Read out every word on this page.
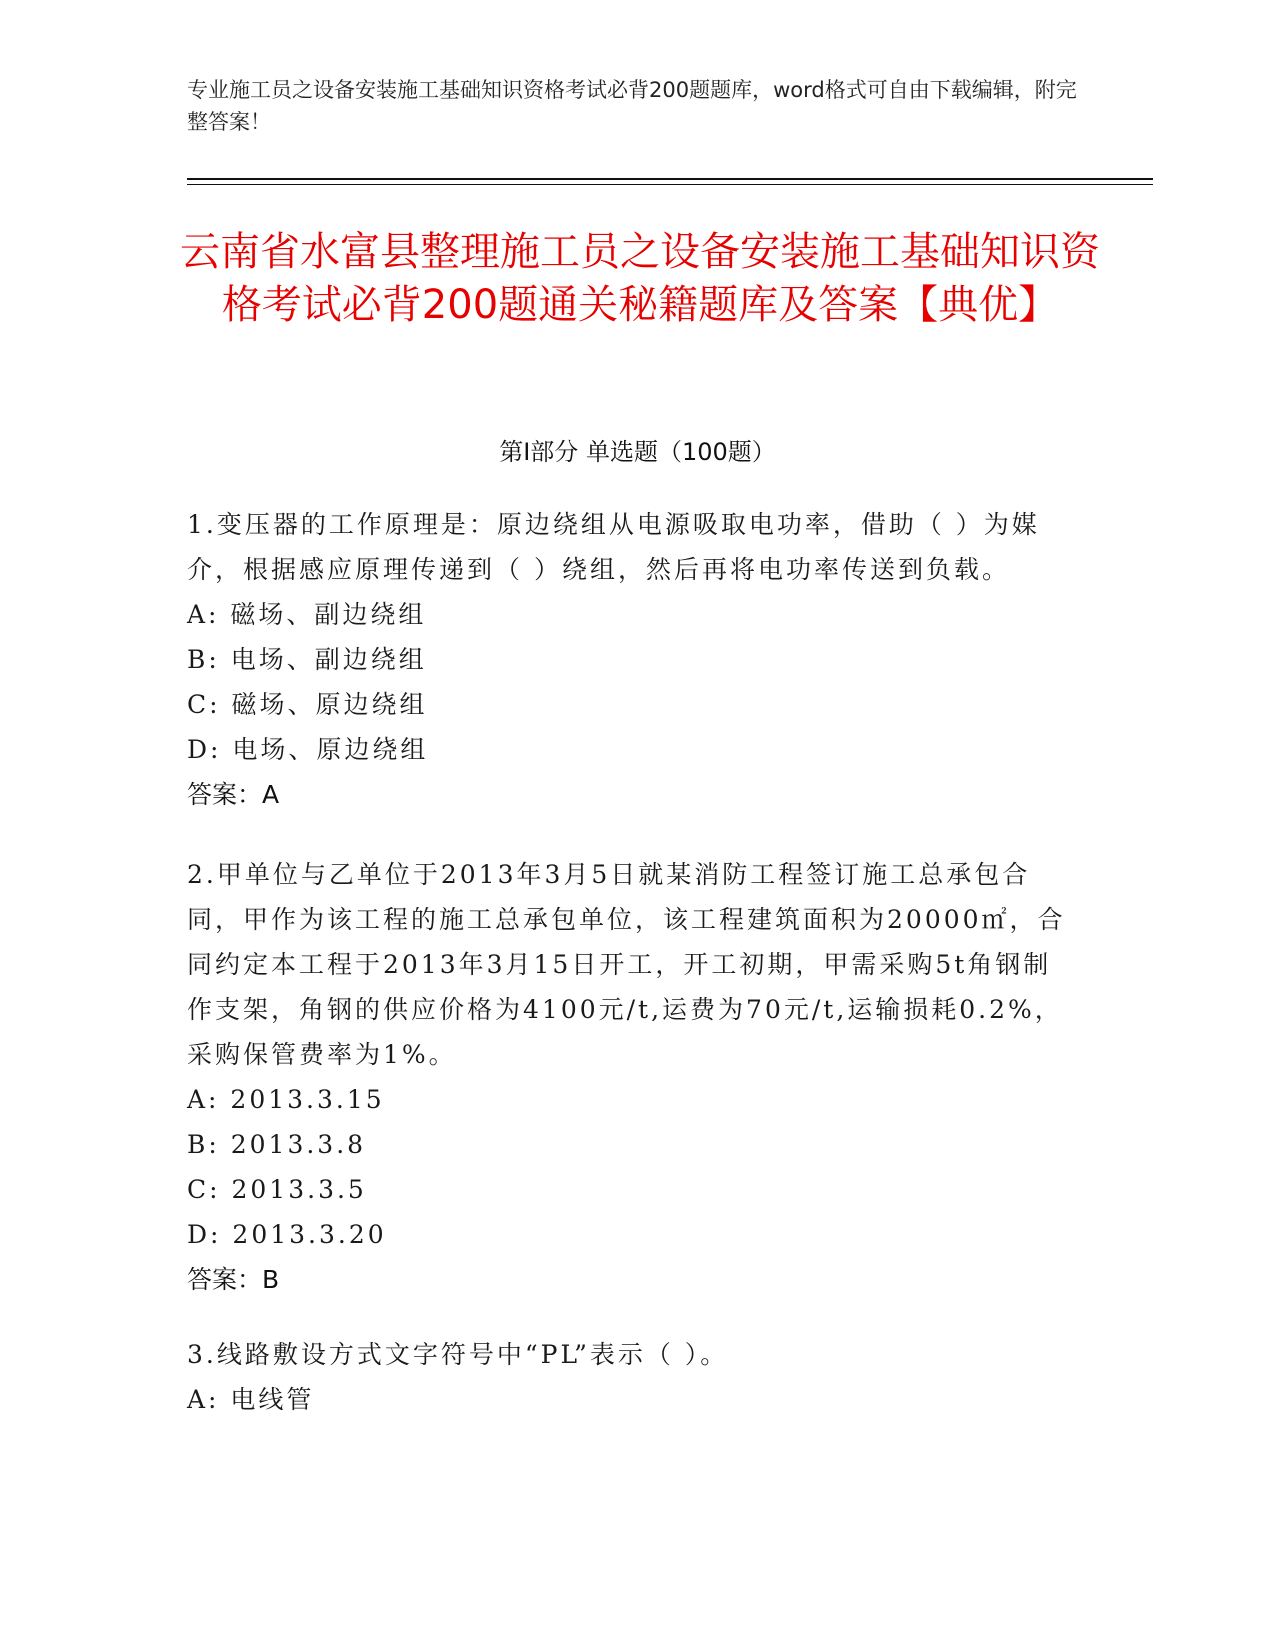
专业施工员之设备安装施工基础知识资格考试必背200题题库，word格式可自由下载编辑，附完整答案！
云南省水富县整理施工员之设备安装施工基础知识资格考试必背200题通关秘籍题库及答案【典优】
第I部分 单选题（100题）
1.变压器的工作原理是：原边绕组从电源吸取电功率，借助（ ）为媒介，根据感应原理传递到（ ）绕组，然后再将电功率传送到负载。
A: 磁场、副边绕组
B: 电场、副边绕组
C: 磁场、原边绕组
D: 电场、原边绕组
答案：A
2.甲单位与乙单位于2013年3月5日就某消防工程签订施工总承包合同，甲作为该工程的施工总承包单位，该工程建筑面积为20000㎡，合同约定本工程于2013年3月15日开工，开工初期，甲需采购5t角钢制作支架，角钢的供应价格为4100元/t,运费为70元/t,运输损耗0.2%，采购保管费率为1%。
A: 2013.3.15
B: 2013.3.8
C: 2013.3.5
D: 2013.3.20
答案：B
3.线路敷设方式文字符号中“PL”表示（ ）。
A: 电线管
